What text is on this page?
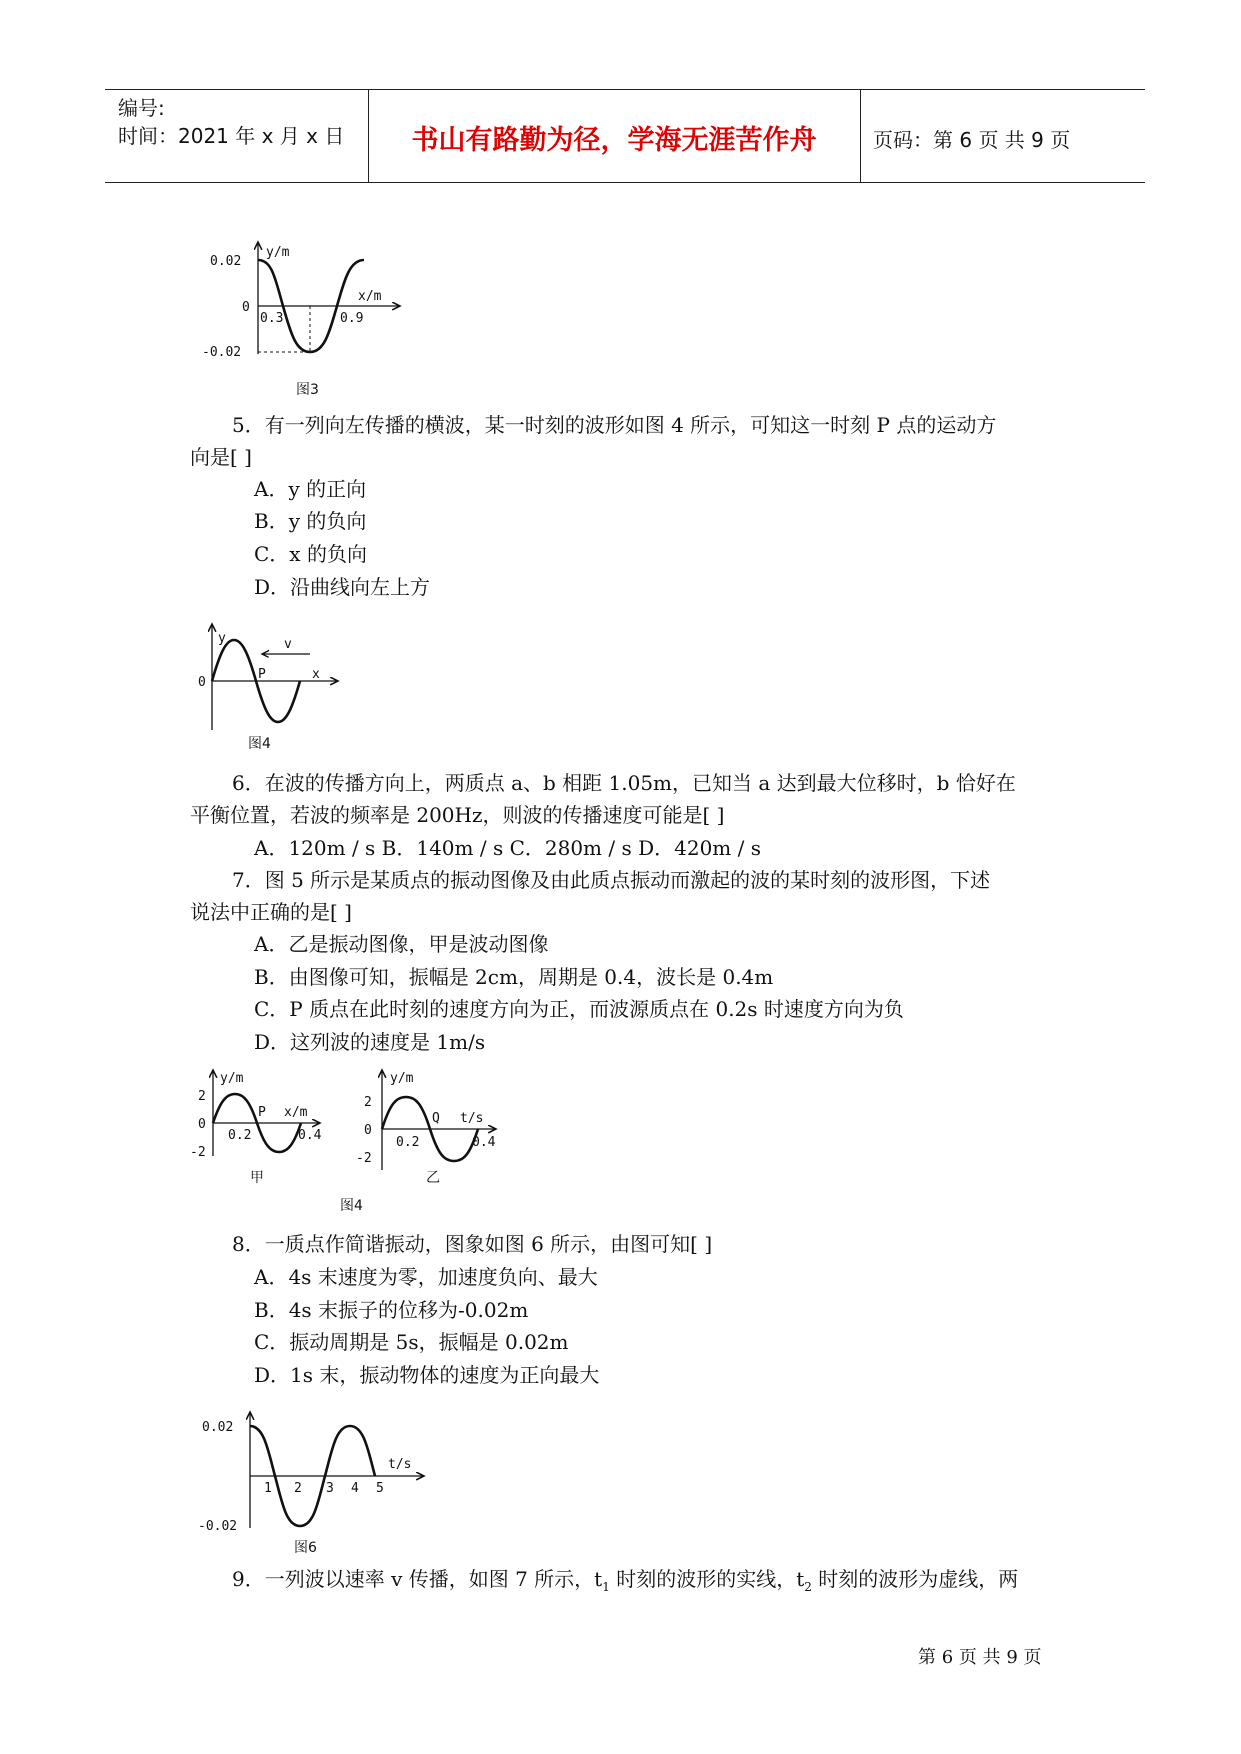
编号:
时间：2021 年 x 月 x 日	书山有路勤为径，学海无涯苦作舟	页码：第 6 页 共 9 页
y/m
x/m
0.02
0
-0.02
0.3	0.9
图3
5．有一列向左传播的横波，某一时刻的波形如图 4 所示，可知这一时刻 P 点的运动方
向是[ ]
A．y 的正向
B．y 的负向
C．x 的负向
D．沿曲线向左上方
y	v
P	x
0
图4
6．在波的传播方向上，两质点 a、b 相距 1.05m，已知当 a 达到最大位移时，b 恰好在
平衡位置，若波的频率是 200Hz，则波的传播速度可能是[ ]
A．120m / s B．140m / s C．280m / s D．420m / s
7．图 5 所示是某质点的振动图像及由此质点振动而激起的波的某时刻的波形图，下述
说法中正确的是[ ]
A．乙是振动图像，甲是波动图像
B．由图像可知，振幅是 2cm，周期是 0.4，波长是 0.4m
C．P 质点在此时刻的速度方向为正，而波源质点在 0.2s 时速度方向为负
D．这列波的速度是 1m/s
y/m
x/m
P
2
0
-2
0.2	0.4
甲
y/m
t/s
Q
2
0
-2
0.2	0.4
乙
图4
8．一质点作简谐振动，图象如图 6 所示，由图可知[ ]
A．4s 末速度为零，加速度负向、最大
B．4s 末振子的位移为-0.02m
C．振动周期是 5s，振幅是 0.02m
D．1s 末，振动物体的速度为正向最大
0.02
-0.02
t/s
1 2 3 4 5
图6
9．一列波以速率 v 传播，如图 7 所示，$t_1$ 时刻的波形的实线，$t_2$ 时刻的波形为虚线，两
第 6 页 共 9 页
